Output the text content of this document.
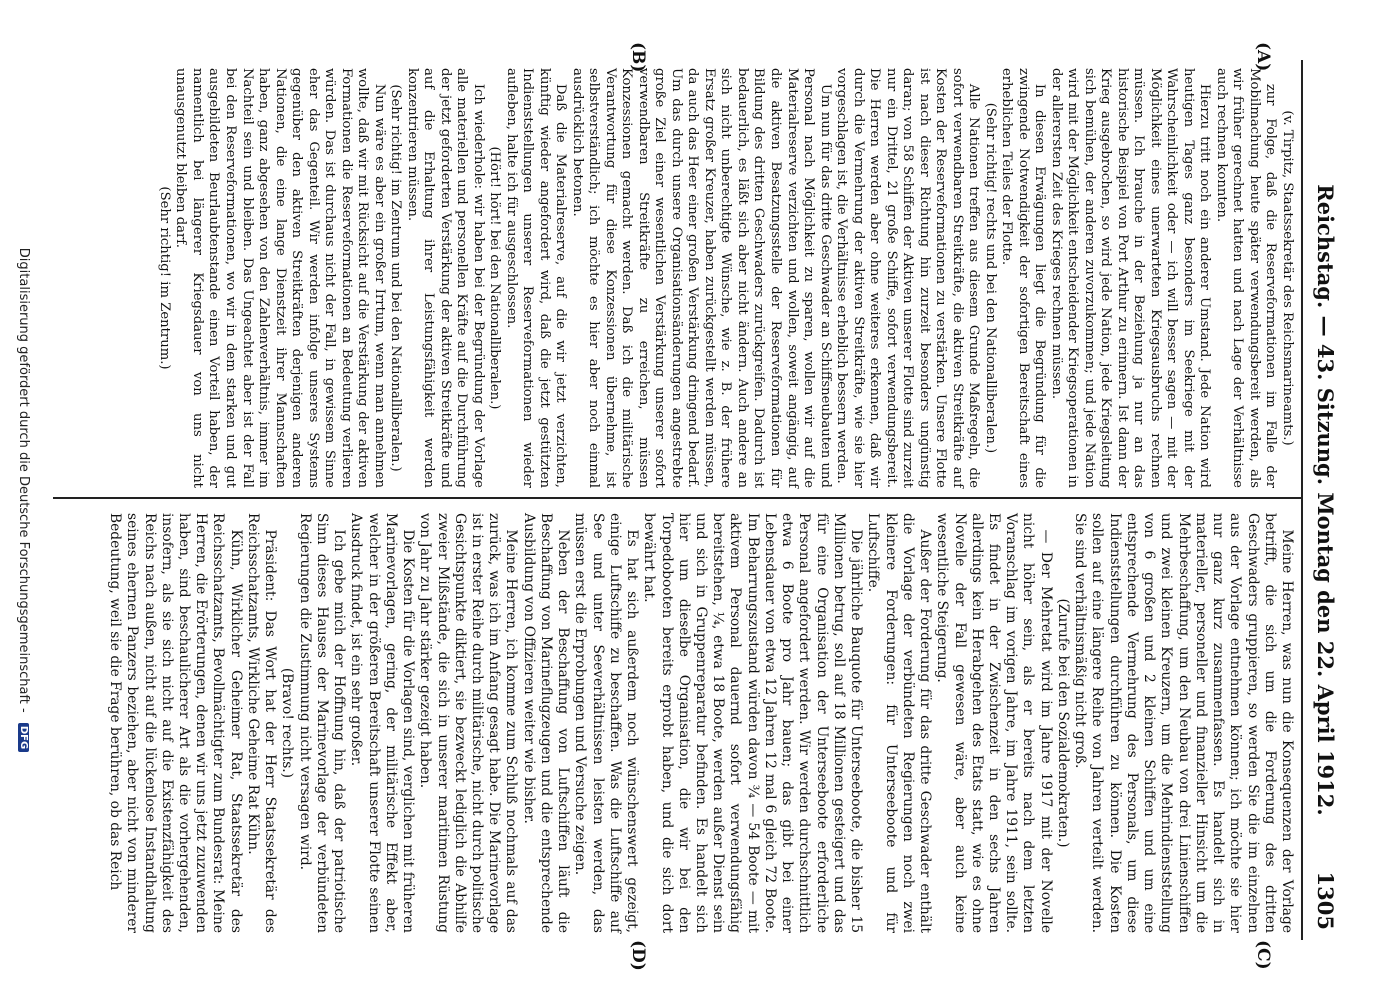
Reichstag. — 43. Sitzung. Montag den 22. April 1912.
1305
(A)
(B)
(C)
(D)

(v. Tirpitz, Staatssekretär des Reichsmarineamts.)

zur Folge, daß die Reserveformationen im Falle der Mobilmachung heute später verwendungsbereit werden, als wir früher gerechnet hatten und nach Lage der Verhältnisse auch rechnen konnten.

Hierzu tritt noch ein anderer Umstand. Jede Nation wird heutigen Tages ganz besonders im Seekriege mit der Wahrscheinlichkeit oder — ich will besser sagen — mit der Möglichkeit eines unerwarteten Kriegsausbruchs rechnen müssen. Ich brauche in der Beziehung ja nur an das historische Beispiel von Port Arthur zu erinnern. Ist dann der Krieg ausgebrochen, so wird jede Nation, jede Kriegsleitung sich bemühen, der anderen zuvorzukommen; und jede Nation wird mit der Möglichkeit entscheidender Kriegsoperationen in der allerersten Zeit des Krieges rechnen müssen.

In diesen Erwägungen liegt die Begründung für die zwingende Notwendigkeit der sofortigen Bereitschaft eines erheblichen Teiles der Flotte.

(Sehr richtig! rechts und bei den Nationalliberalen.)

Alle Nationen treffen aus diesem Grunde Maßregeln, die sofort verwendbaren Streitkräfte, die aktiven Streitkräfte auf Kosten der Reserveformationen zu verstärken. Unsere Flotte ist nach dieser Richtung hin zurzeit besonders ungünstig daran; von 58 Schiffen der Aktiven unserer Flotte sind zurzeit nur ein Drittel, 21 große Schiffe, sofort verwendungsbereit. Die Herren werden aber ohne weiteres erkennen, daß wir durch die Vermehrung der aktiven Streitkräfte, wie sie hier vorgeschlagen ist, die Verhältnisse erheblich bessern werden.

Um nun für das dritte Geschwader an Schiffsneubauten und Personal nach Möglichkeit zu sparen, wollen wir auf die Materialreserve verzichten und wollen, soweit angängig, auf die aktiven Besatzungsstelle der Reserveformationen für Bildung des dritten Geschwaders zurückgreifen. Dadurch ist bedauerlich, es läßt sich aber nicht ändern. Auch andere an sich nicht unberechtigte Wünsche, wie z. B. der frühere Ersatz großer Kreuzer, haben zurückgestellt werden müssen, da auch das Heer einer großen Verstärkung dringend bedarf. Um das durch unsere Organisationsänderungen angestrebte große Ziel einer wesentlichen Verstärkung unserer sofort verwendbaren Streitkräfte zu erreichen, müssen Konzessionen gemacht werden. Daß ich die militärische Verantwortung für diese Konzessionen übernehme, ist selbstverständlich; ich möchte es hier aber noch einmal ausdrücklich betonen.

Daß die Materialreserve, auf die wir jetzt verzichten, künftig wieder angefordert wird, daß die jetzt gestützten Indienststellungen unserer Reserveformationen wieder aufleben, halte ich für ausgeschlossen.

(Hört! hört! bei den Nationalliberalen.)

Ich wiederhole: wir haben bei der Begründung der Vorlage alle materiellen und personellen Kräfte auf die Durchführung der jetzt geforderten Verstärkung der aktiven Streitkräfte und auf die Erhaltung ihrer Leistungsfähigkeit werden konzentrieren müssen.

(Sehr richtig! im Zentrum und bei den Nationalliberalen.)

Nun wäre es aber ein großer Irrtum, wenn man annehmen wollte, daß wir mit Rücksicht auf die Verstärkung der aktiven Formationen die Reserveformationen an Bedeutung verlieren würden. Das ist durchaus nicht der Fall, in gewissem Sinne eher das Gegenteil. Wir werden infolge unseres Systems gegenüber den aktiven Streitkräften derjenigen anderen Nationen, die eine lange Dienstzeit ihrer Mannschaften haben, ganz abgesehen von den Zahlenverhältnis, immer im Nachteil sein und bleiben. Das Ungeachtet aber ist der Fall bei den Reserveformationen, wo wir in dem starken und gut ausgebildeten Beurlaubtenstande einen Vorteil haben, der namentlich bei längerer Kriegsdauer von uns nicht unausgenutzt bleiben darf.

(Sehr richtig! im Zentrum.)

Meine Herren, was nun die Konsequenzen der Vorlage betrifft, die sich um die Forderung des dritten Geschwaders gruppieren, so werden Sie die im einzelnen aus der Vorlage entnehmen können; ich möchte sie hier nur ganz kurz zusammenfassen. Es handelt sich in materieller, personeller und finanzieller Hinsicht um die Mehrbeschaffung, um den Neubau von drei Linienschiffen und zwei kleinen Kreuzern, um die Mehrindienststellung von 6 großen und 2 kleinen Schiffen und um eine entsprechende Vermehrung des Personals, um diese Indienststellungen durchführen zu können. Die Kosten sollen auf eine längere Reihe von Jahren verteilt werden. Sie sind verhältnismäßig nicht groß.

(Zurufe bei den Sozialdemokraten.)

— Der Mehretat wird im Jahre 1917 mit der Novelle nicht höher sein, als er bereits nach dem letzten Voranschlag im vorigen Jahre, im Jahre 1911, sein sollte. Es findet in der Zwischenzeit in den sechs Jahren allerdings kein Herabgehen des Etats statt, wie es ohne Novelle der Fall gewesen wäre, aber auch keine wesentliche Steigerung.

Außer der Forderung für das dritte Geschwader enthält die Vorlage der verbündeten Regierungen noch zwei kleinere Forderungen: für Unterseeboote und für Luftschiffe.

Die jährliche Bauquote für Unterseeboote, die bisher 15 Millionen betrug, soll auf 18 Millionen gesteigert und das für eine Organisation der Unterseeboote erforderliche Personal angefordert werden. Wir werden durchschnittlich etwa 6 Boote pro Jahr bauen; das gibt bei einer Lebensdauer von etwa 12 Jahren 12 mal 6 gleich 72 Boote. Im Beharrungszustand würden davon ¾ — 54 Boote — mit aktivem Personal dauernd sofort verwendungsfähig bereitstehen, ¼, etwa 18 Boote, werden außer Dienst sein und sich in Gruppenreparatur befinden. Es handelt sich hier um dieselbe Organisation, die wir bei den Torpedobooten bereits erprobt haben, und die sich dort bewährt hat.

Es hat sich außerdem noch wünschenswert gezeigt, einige Luftschiffe zu beschaffen. Was die Luftschiffe auf See und unter Seeverhältnissen leisten werden, das müssen erst die Erprobungen und Versuche zeigen.

Neben der Beschaffung von Luftschiffen läuft die Beschaffung von Marineflugzeugen und die entsprechende Ausbildung von Offizieren weiter wie bisher.

Meine Herren, ich komme zum Schluß nochmals auf das zurück, was ich im Anfang gesagt habe. Die Marinevorlage ist in erster Reihe durch militärische, nicht durch politische Gesichtspunkte diktiert, sie bezweckt lediglich die Abhilfe zweier Mißstände, die sich in unserer maritimen Rüstung von Jahr zu Jahr stärker gezeigt haben.

Die Kosten für die Vorlagen sind, verglichen mit früheren Marinevorlagen, gering, der militärische Effekt aber, welcher in der größeren Bereitschaft unserer Flotte seinen Ausdruck findet, ist ein sehr großer.

Ich gebe mich der Hoffnung hin, daß der patriotische Sinn dieses Hauses der Marinevorlage der verbündeten Regierungen die Zustimmung nicht versagen wird.

(Bravo! rechts.)

Präsident: Das Wort hat der Herr Staatssekretär des Reichsschatzamts, Wirkliche Geheime Rat Kühn.

Kühn, Wirklicher Geheimer Rat, Staatssekretär des Reichsschatzamts, Bevollmächtigter zum Bundesrat: Meine Herren, die Erörterungen, denen wir uns jetzt zuzuwenden haben, sind beschaulicherer Art als die vorhergehenden, insofern, als sie sich nicht auf die Existenzfähigkeit des Reichs nach außen, nicht auf die lückenlose Instandhaltung seines ehernen Panzers beziehen, aber nicht von minderer Bedeutung, weil sie die Frage berühren, ob das Reich

Digitalisierung gefördert durch die Deutsche Forschungsgemeinschaft - DFG
